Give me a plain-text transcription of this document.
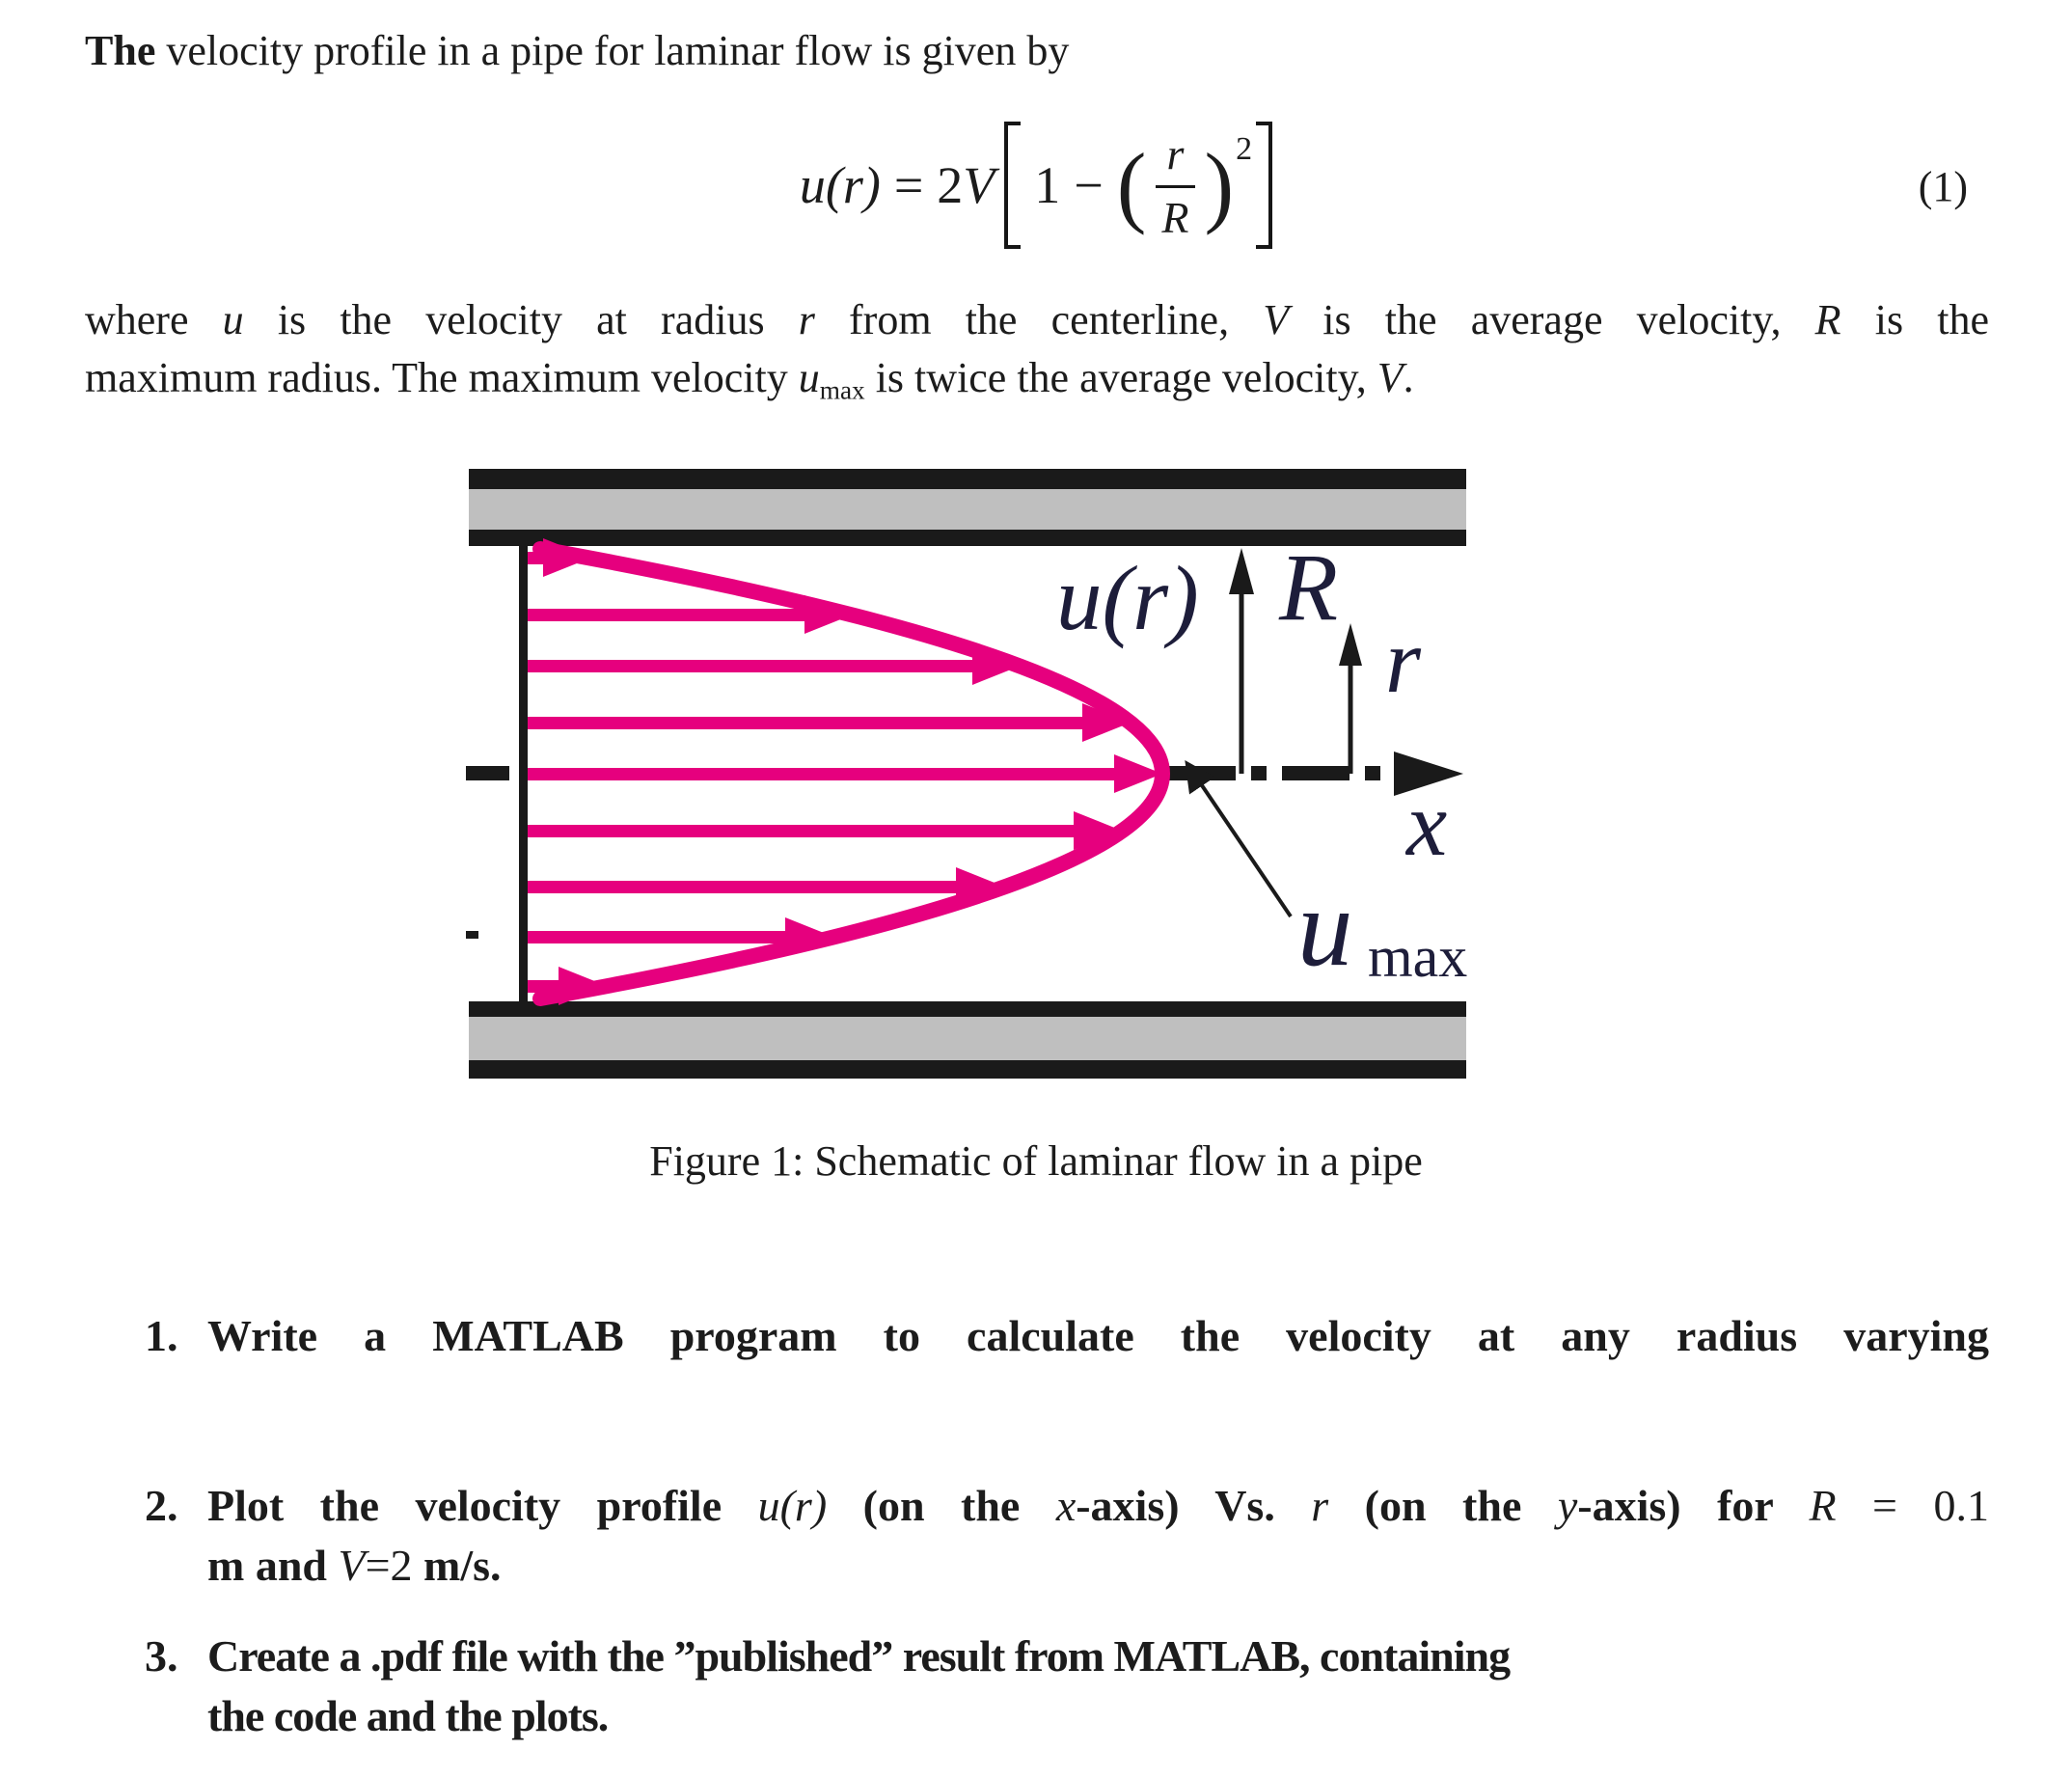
The velocity profile in a pipe for laminar flow is given by
u(r) = 2V 1 − ( $\frac{r}{R} )^2$
(1)
where u is the velocity at radius r from the centerline, V is the average velocity, R is the
maximum radius. The maximum velocity umax is twice the average velocity, V.
u(r) R
r
x
u max
Figure 1: Schematic of laminar flow in a pipe
1. Write a MATLAB program to calculate the velocity at any radius varying
2. Plot the velocity profile u(r) (on the x-axis) Vs. r (on the y-axis) for R = 0.1
m and V=2 m/s.
3. Create a .pdf file with the ”published” result from MATLAB, containing
the code and the plots.
